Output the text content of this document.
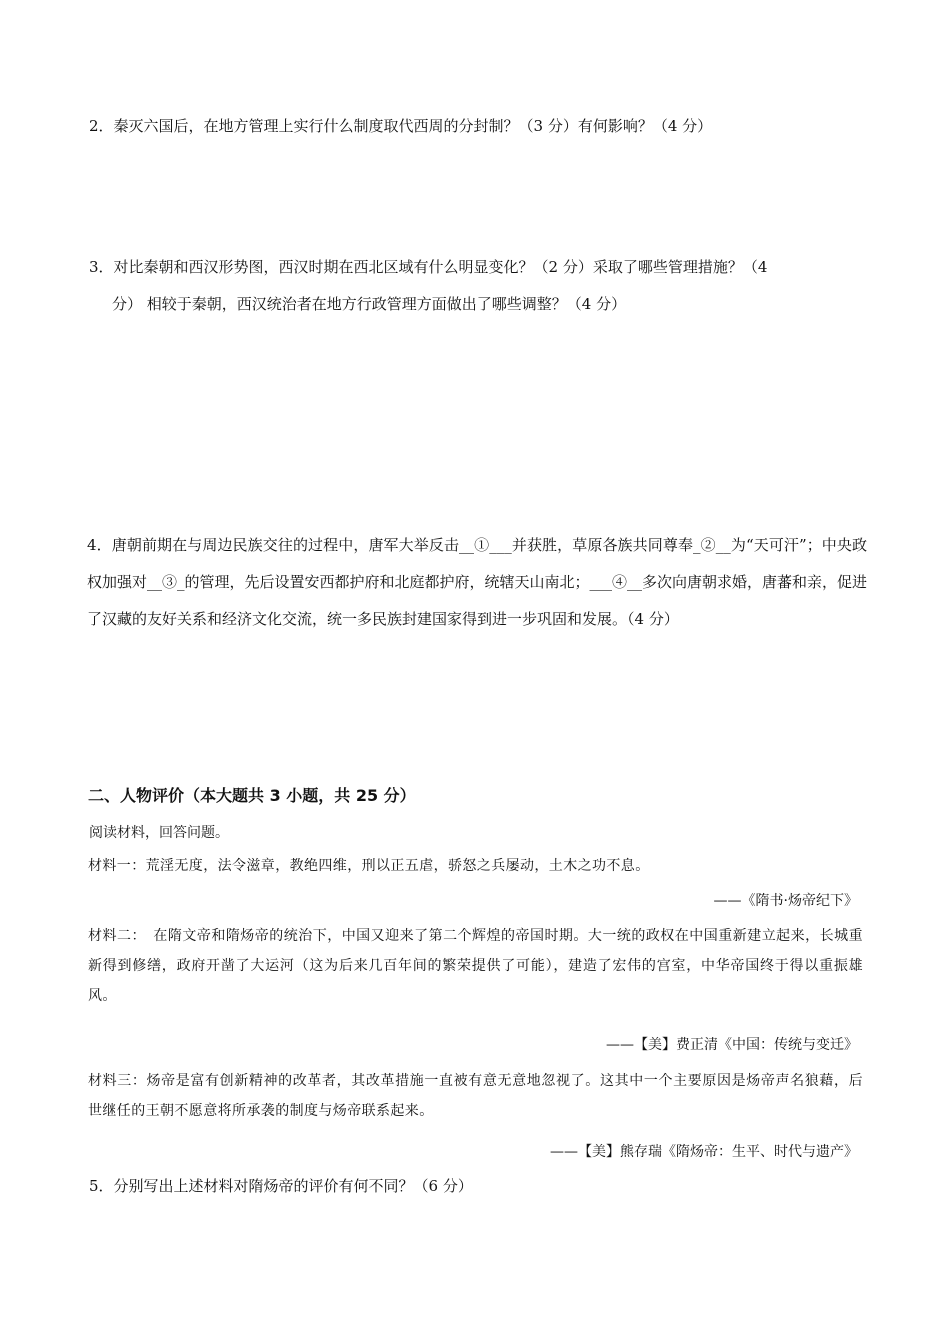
2．秦灭六国后，在地方管理上实行什么制度取代西周的分封制？（3 分）有何影响？（4 分）
3．对比秦朝和西汉形势图，西汉时期在西北区域有什么明显变化？（2 分）采取了哪些管理措施？（4
分） 相较于秦朝，西汉统治者在地方行政管理方面做出了哪些调整？（4 分）
4．唐朝前期在与周边民族交往的过程中，唐军大举反击__①___并获胜，草原各族共同尊奉_②__为“天可汗”；中央政权加强对__③_的管理，先后设置安西都护府和北庭都护府，统辖天山南北；___④__多次向唐朝求婚，唐蕃和亲，促进了汉藏的友好关系和经济文化交流，统一多民族封建国家得到进一步巩固和发展。（4 分）
二、人物评价（本大题共 3 小题，共 25 分）
阅读材料，回答问题。
材料一：荒淫无度，法令滋章，教绝四维，刑以正五虐，骄怒之兵屡动，土木之功不息。
——《隋书·炀帝纪下》
材料二：　在隋文帝和隋炀帝的统治下，中国又迎来了第二个辉煌的帝国时期。大一统的政权在中国重新建立起来，长城重新得到修缮，政府开凿了大运河（这为后来几百年间的繁荣提供了可能），建造了宏伟的宫室，中华帝国终于得以重振雄风。
——【美】费正清《中国：传统与变迁》
材料三：炀帝是富有创新精神的改革者，其改革措施一直被有意无意地忽视了。这其中一个主要原因是炀帝声名狼藉，后世继任的王朝不愿意将所承袭的制度与炀帝联系起来。
——【美】熊存瑞《隋炀帝：生平、时代与遗产》
5．分别写出上述材料对隋炀帝的评价有何不同？（6 分）
